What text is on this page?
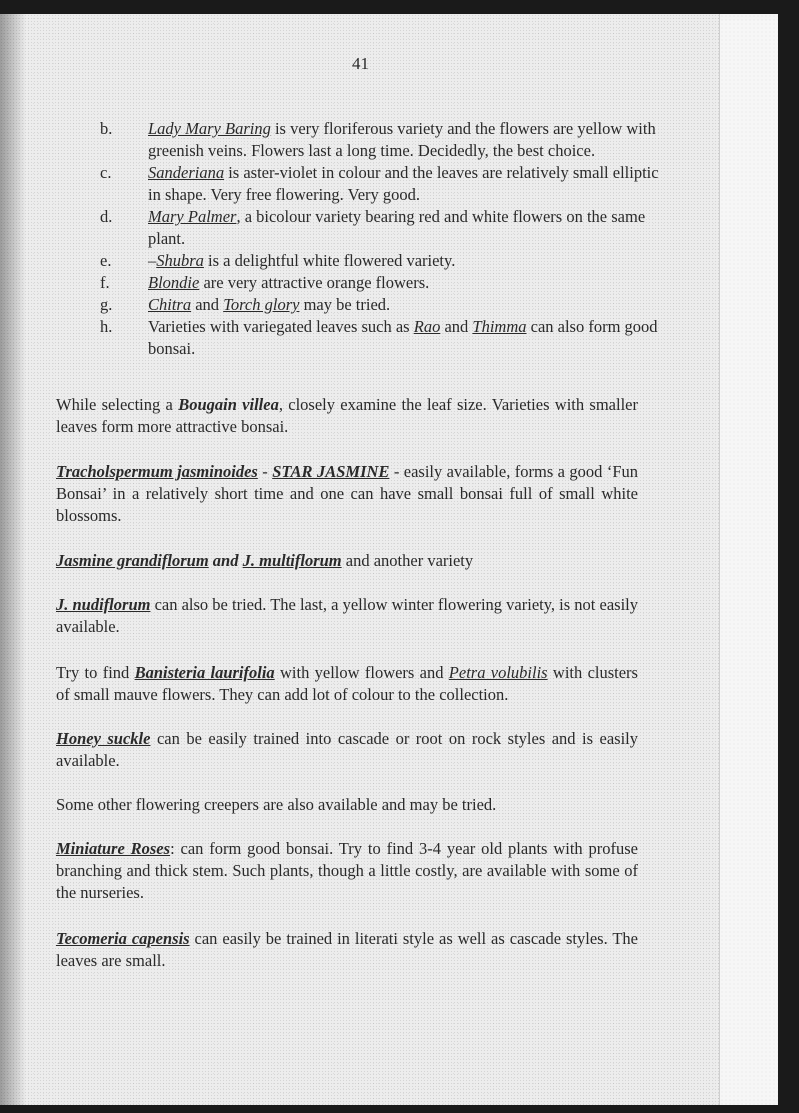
41
b. Lady Mary Baring is very floriferous variety and the flowers are yellow with greenish veins. Flowers last a long time. Decidedly, the best choice.
c. Sanderiana is aster-violet in colour and the leaves are relatively small elliptic in shape. Very free flowering. Very good.
d. Mary Palmer, a bicolour variety bearing red and white flowers on the same plant.
e. –Shubra is a delightful white flowered variety.
f. Blondie are very attractive orange flowers.
g. Chitra and Torch glory may be tried.
h. Varieties with variegated leaves such as Rao and Thimma can also form good bonsai.

While selecting a Bougain villea, closely examine the leaf size. Varieties with smaller leaves form more attractive bonsai.

Tracholspermum jasminoides - STAR JASMINE - easily available, forms a good ‘Fun Bonsai’ in a relatively short time and one can have small bonsai full of small white blossoms.

Jasmine grandiflorum and J. multiflorum and another variety

J. nudiflorum can also be tried. The last, a yellow winter flowering variety, is not easily available.

Try to find Banisteria laurifolia with yellow flowers and Petra volubilis with clusters of small mauve flowers. They can add lot of colour to the collection.

Honey suckle can be easily trained into cascade or root on rock styles and is easily available.

Some other flowering creepers are also available and may be tried.

Miniature Roses: can form good bonsai. Try to find 3-4 year old plants with profuse branching and thick stem. Such plants, though a little costly, are available with some of the nurseries.

Tecomeria capensis can easily be trained in literati style as well as cascade styles. The leaves are small.
